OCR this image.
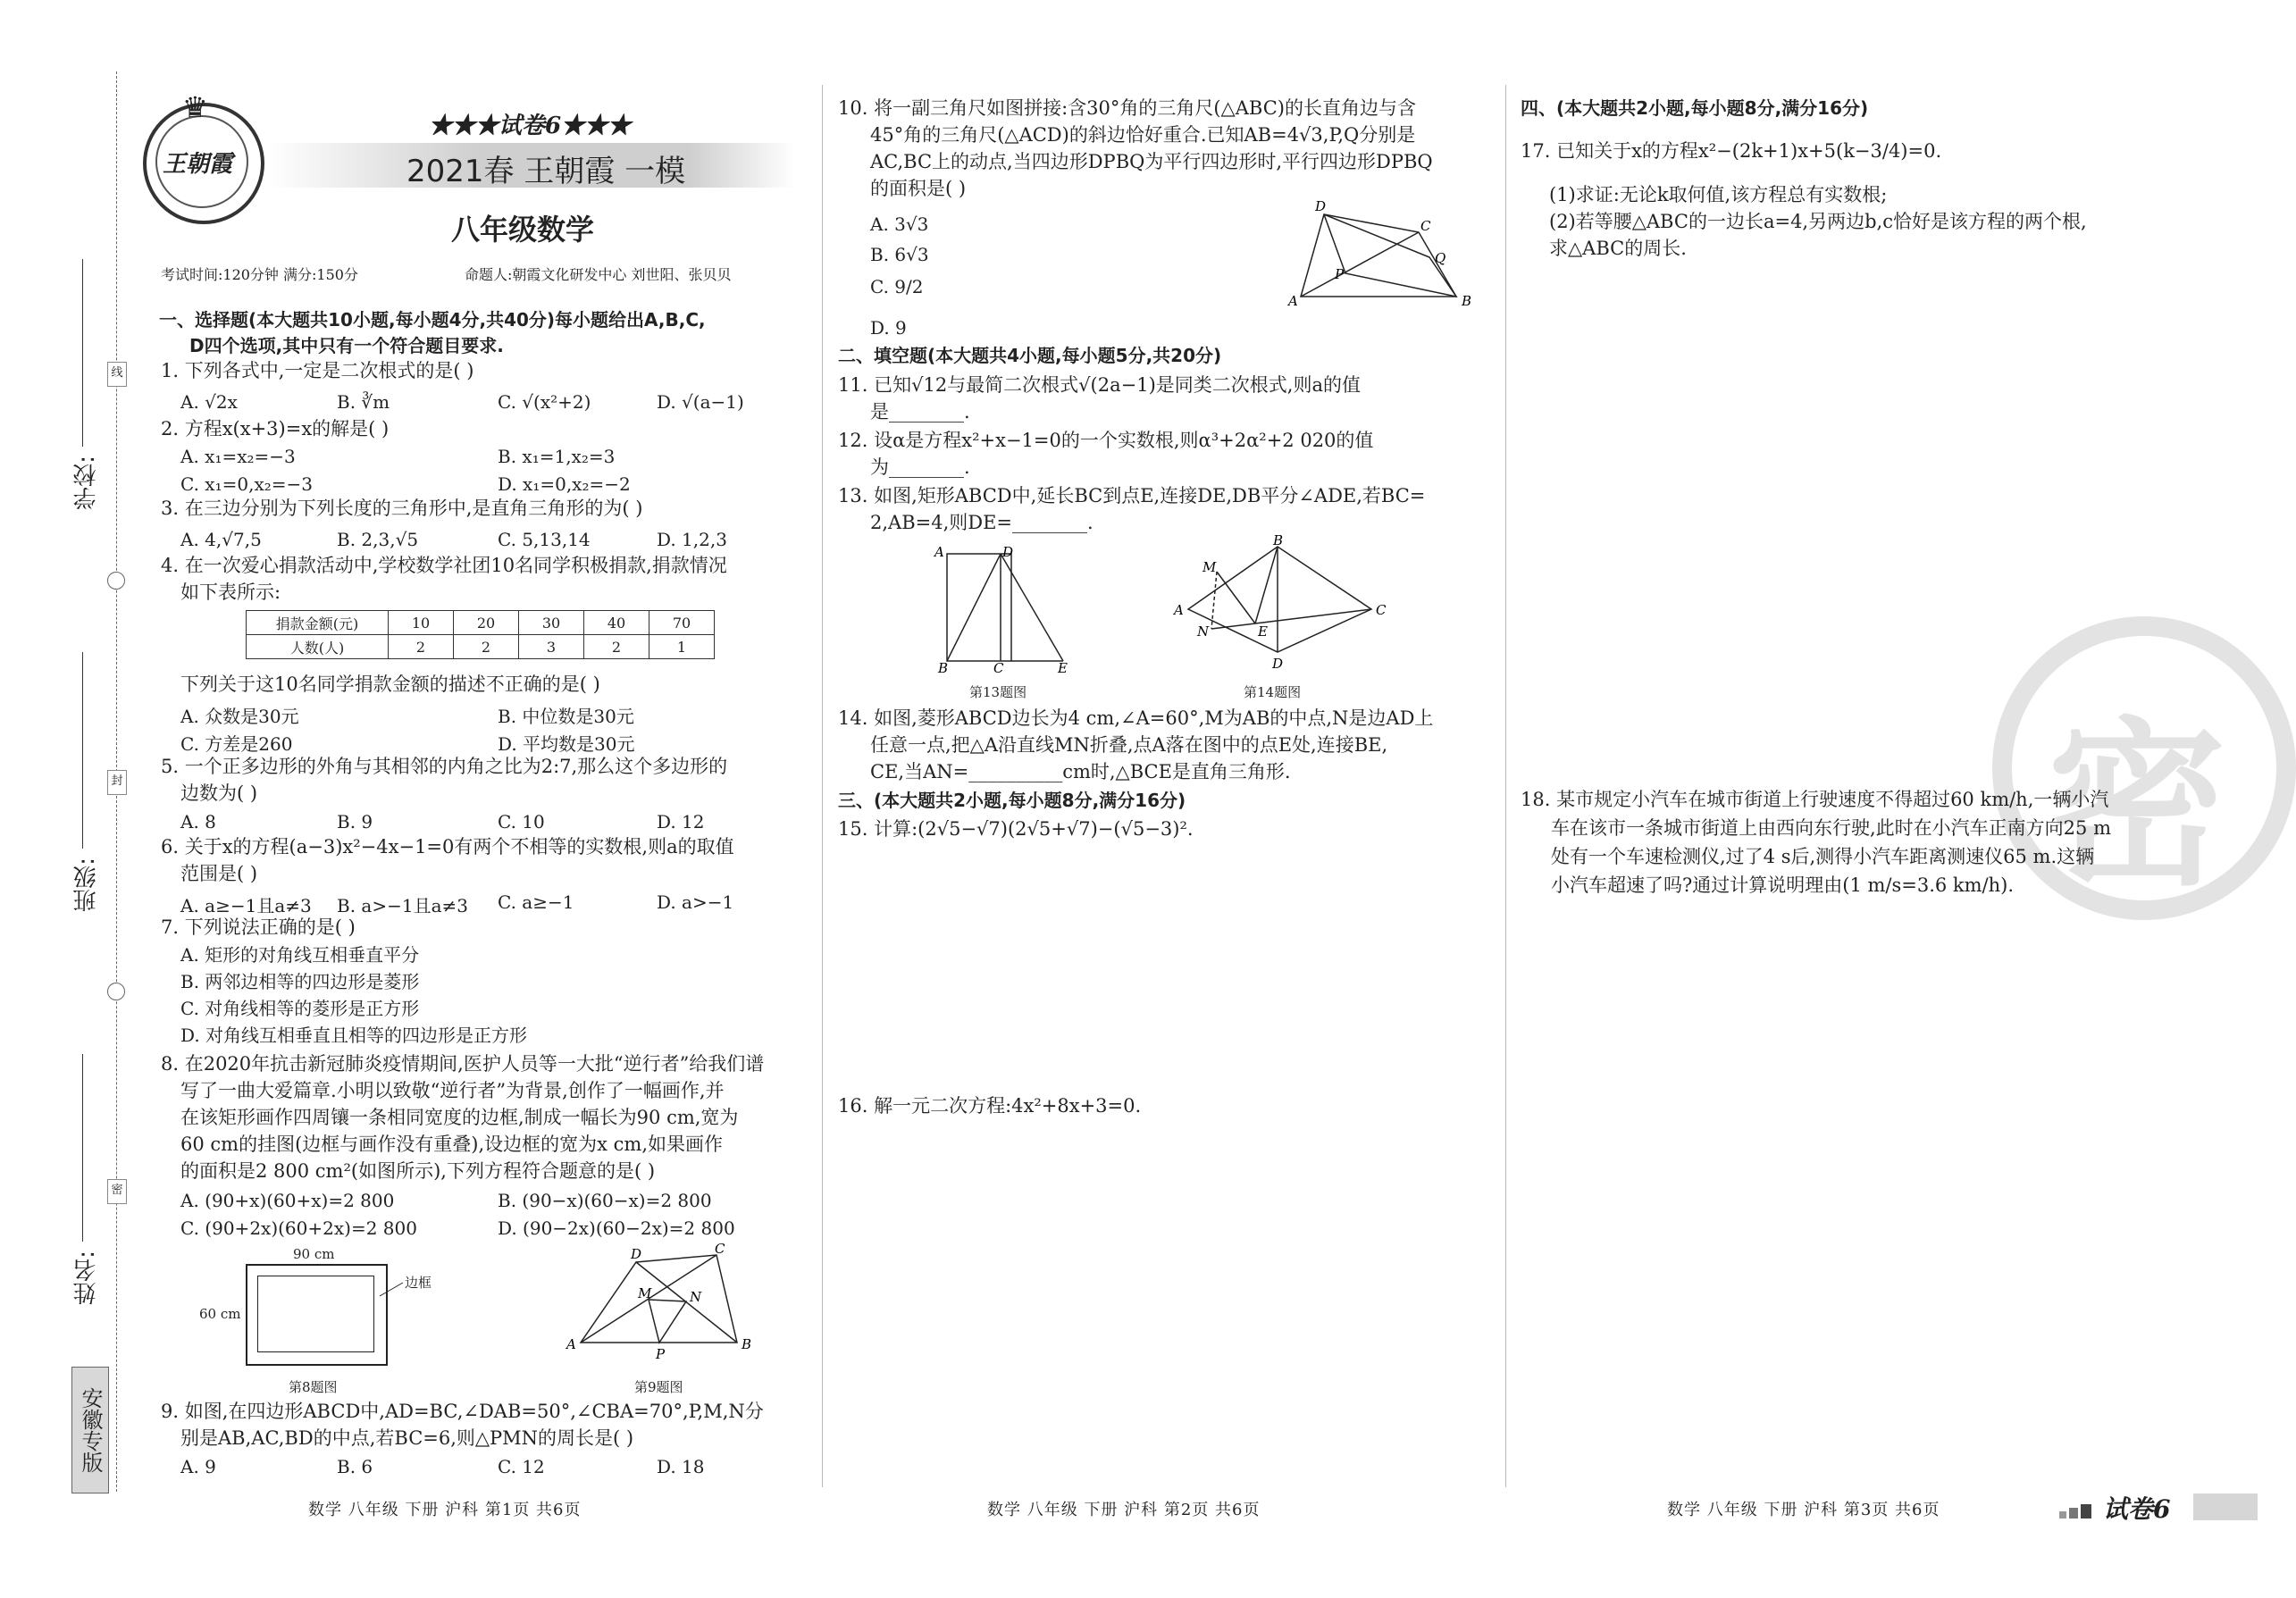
学校:
班级:
姓名:
线
封
密
安徽专版
♛
王朝霞
★★★试卷6★★★
2021春 王朝霞 一模
八年级数学
考试时间:120分钟 满分:150分	命题人:朝霞文化研发中心 刘世阳、张贝贝
一、选择题(本大题共10小题,每小题4分,共40分)每小题给出A,B,C,
D四个选项,其中只有一个符合题目要求.
1. 下列各式中,一定是二次根式的是( )
A. √2x	B. ∛m	C. √(x²+2)	D. √(a−1)
2. 方程x(x+3)=x的解是( )
A. x₁=x₂=−3	B. x₁=1,x₂=3
C. x₁=0,x₂=−3	D. x₁=0,x₂=−2
3. 在三边分别为下列长度的三角形中,是直角三角形的为( )
A. 4,√7,5	B. 2,3,√5	C. 5,13,14	D. 1,2,3
4. 在一次爱心捐款活动中,学校数学社团10名同学积极捐款,捐款情况
如下表所示:
捐款金额(元)	10	20	30	40	70
人数(人)	2	2	3	2	1
下列关于这10名同学捐款金额的描述不正确的是( )
A. 众数是30元	B. 中位数是30元
C. 方差是260	D. 平均数是30元
5. 一个正多边形的外角与其相邻的内角之比为2:7,那么这个多边形的
边数为( )
A. 8	B. 9	C. 10	D. 12
6. 关于x的方程(a−3)x²−4x−1=0有两个不相等的实数根,则a的取值
范围是( )
A. a≥−1且a≠3	B. a>−1且a≠3	C. a≥−1	D. a>−1
7. 下列说法正确的是( )
A. 矩形的对角线互相垂直平分
B. 两邻边相等的四边形是菱形
C. 对角线相等的菱形是正方形
D. 对角线互相垂直且相等的四边形是正方形
8. 在2020年抗击新冠肺炎疫情期间,医护人员等一大批“逆行者”给我们谱
写了一曲大爱篇章.小明以致敬“逆行者”为背景,创作了一幅画作,并
在该矩形画作四周镶一条相同宽度的边框,制成一幅长为90 cm,宽为
60 cm的挂图(边框与画作没有重叠),设边框的宽为x cm,如果画作
的面积是2 800 cm²(如图所示),下列方程符合题意的是( )
A. (90+x)(60+x)=2 800	B. (90−x)(60−x)=2 800
C. (90+2x)(60+2x)=2 800	D. (90−2x)(60−2x)=2 800
90 cm
60 cm
边框
第8题图
A	B
C
D
M	N
P
第9题图
9. 如图,在四边形ABCD中,AD=BC,∠DAB=50°,∠CBA=70°,P,M,N分
别是AB,AC,BD的中点,若BC=6,则△PMN的周长是( )
A. 9	B. 6	C. 12	D. 18
10. 将一副三角尺如图拼接:含30°角的三角尺(△ABC)的长直角边与含
45°角的三角尺(△ACD)的斜边恰好重合.已知AB=4√3,P,Q分别是
AC,BC上的动点,当四边形DPBQ为平行四边形时,平行四边形DPBQ
的面积是( )
A. 3√3
B. 6√3
C. 9/2
D. 9
A	B
C
D
P
Q
二、填空题(本大题共4小题,每小题5分,共20分)
11. 已知√12与最简二次根式√(2a−1)是同类二次根式,则a的值
是________.
12. 设α是方程x²+x−1=0的一个实数根,则α³+2α²+2 020的值
为________.
13. 如图,矩形ABCD中,延长BC到点E,连接DE,DB平分∠ADE,若BC=
2,AB=4,则DE=________.
A	D
B	C	E
第13题图
A
B
C
D
E
M
N
第14题图
14. 如图,菱形ABCD边长为4 cm,∠A=60°,M为AB的中点,N是边AD上
任意一点,把△A沿直线MN折叠,点A落在图中的点E处,连接BE,
CE,当AN=__________cm时,△BCE是直角三角形.
三、(本大题共2小题,每小题8分,满分16分)
15. 计算:(2√5−√7)(2√5+√7)−(√5−3)².
16. 解一元二次方程:4x²+8x+3=0.
四、(本大题共2小题,每小题8分,满分16分)
17. 已知关于x的方程x²−(2k+1)x+5(k−3/4)=0.
(1)求证:无论k取何值,该方程总有实数根;
(2)若等腰△ABC的一边长a=4,另两边b,c恰好是该方程的两个根,
求△ABC的周长.
密
18. 某市规定小汽车在城市街道上行驶速度不得超过60 km/h,一辆小汽
车在该市一条城市街道上由西向东行驶,此时在小汽车正南方向25 m
处有一个车速检测仪,过了4 s后,测得小汽车距离测速仪65 m.这辆
小汽车超速了吗?通过计算说明理由(1 m/s=3.6 km/h).
数学 八年级 下册 沪科 第1页 共6页	数学 八年级 下册 沪科 第2页 共6页	数学 八年级 下册 沪科 第3页 共6页	试卷6
